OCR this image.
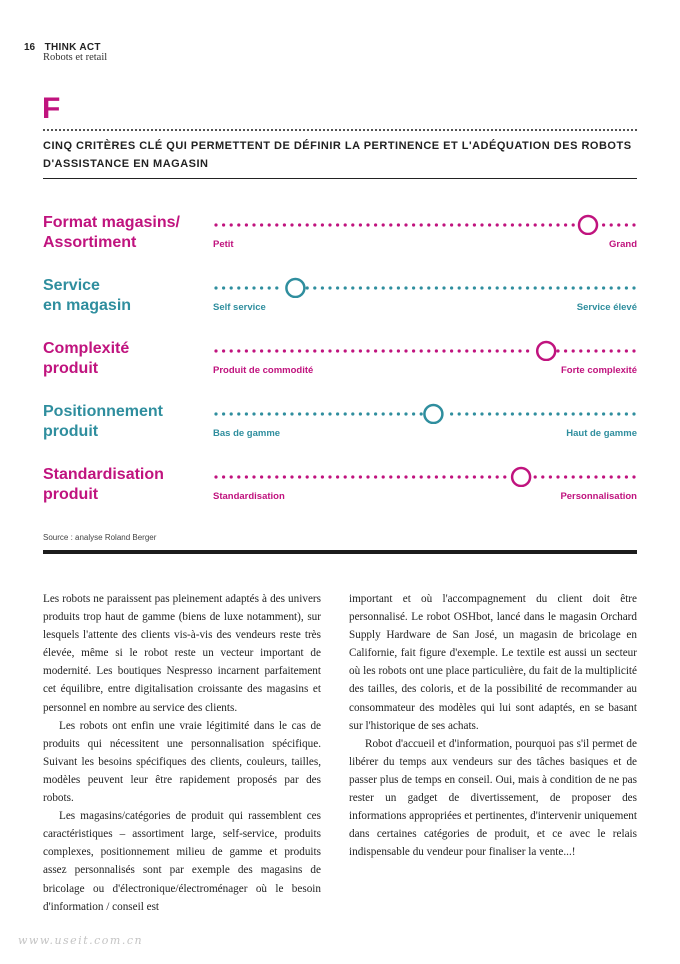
16 THINK ACT
Robots et retail
F
CINQ CRITÈRES CLÉ QUI PERMETTENT DE DÉFINIR LA PERTINENCE ET L'ADÉQUATION DES ROBOTS D'ASSISTANCE EN MAGASIN
Format magasins/
Assortiment	Petit	Grand
Service
en magasin	Self service	Service élevé
Complexité
produit	Produit de commodité	Forte complexité
Positionnement
produit	Bas de gamme	Haut de gamme
Standardisation
produit	Standardisation	Personnalisation
Source : analyse Roland Berger

Les robots ne paraissent pas pleinement adaptés à des univers produits trop haut de gamme (biens de luxe notamment), sur lesquels l'attente des clients vis-à-vis des vendeurs reste très élevée, même si le robot reste un vecteur important de modernité. Les boutiques Nespresso incarnent parfaitement cet équilibre, entre digitalisation croissante des magasins et personnel en nombre au service des clients.

Les robots ont enfin une vraie légitimité dans le cas de produits qui nécessitent une personnalisation spécifique. Suivant les besoins spécifiques des clients, couleurs, tailles, modèles peuvent leur être rapidement proposés par des robots.

Les magasins/catégories de produit qui rassemblent ces caractéristiques – assortiment large, self-service, produits complexes, positionnement milieu de gamme et produits assez personnalisés sont par exemple des magasins de bricolage ou d'électronique/électroménager où le besoin d'information / conseil est

important et où l'accompagnement du client doit être personnalisé. Le robot OSHbot, lancé dans le magasin Orchard Supply Hardware de San José, un magasin de bricolage en Californie, fait figure d'exemple. Le textile est aussi un secteur où les robots ont une place particulière, du fait de la multiplicité des tailles, des coloris, et de la possibilité de recommander au consommateur des modèles qui lui sont adaptés, en se basant sur l'historique de ses achats.

Robot d'accueil et d'information, pourquoi pas s'il permet de libérer du temps aux vendeurs sur des tâches basiques et de passer plus de temps en conseil. Oui, mais à condition de ne pas rester un gadget de divertissement, de proposer des informations appropriées et pertinentes, d'intervenir uniquement dans certaines catégories de produit, et ce avec le relais indispensable du vendeur pour finaliser la vente...!

www.useit.com.cn
